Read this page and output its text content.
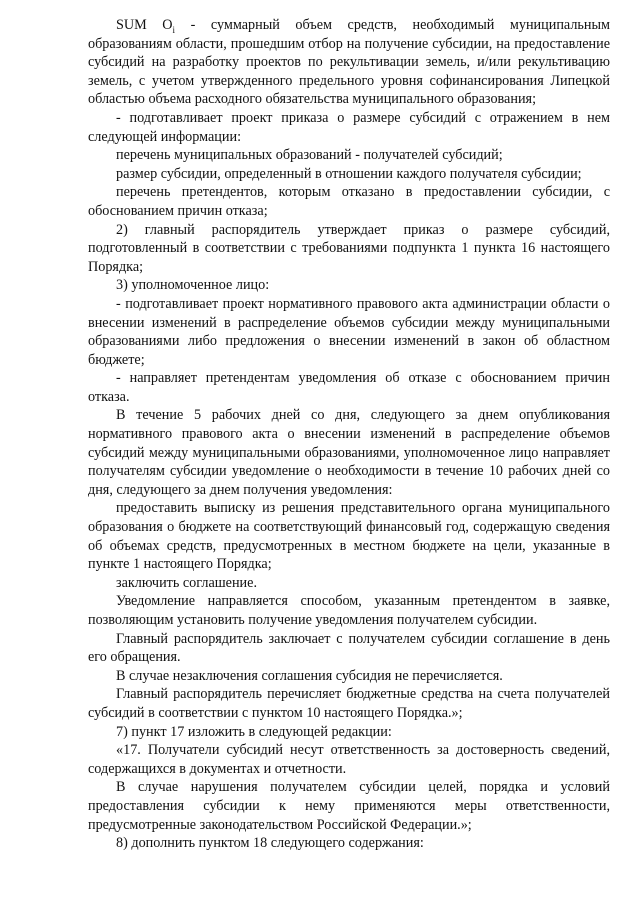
SUM $O_i$ - суммарный объем средств, необходимый муниципальным образованиям области, прошедшим отбор на получение субсидии, на предоставление субсидий на разработку проектов по рекультивации земель, и/или рекультивацию земель, с учетом утвержденного предельного уровня софинансирования Липецкой областью объема расходного обязательства муниципального образования;

- подготавливает проект приказа о размере субсидий с отражением в нем следующей информации:

перечень муниципальных образований - получателей субсидий;

размер субсидии, определенный в отношении каждого получателя субсидии;

перечень претендентов, которым отказано в предоставлении субсидии, с обоснованием причин отказа;

2) главный распорядитель утверждает приказ о размере субсидий, подготовленный в соответствии с требованиями подпункта 1 пункта 16 настоящего Порядка;

3) уполномоченное лицо:

- подготавливает проект нормативного правового акта администрации области о внесении изменений в распределение объемов субсидии между муниципальными образованиями либо предложения о внесении изменений в закон об областном бюджете;

- направляет претендентам уведомления об отказе с обоснованием причин отказа.

В течение 5 рабочих дней со дня, следующего за днем опубликования нормативного правового акта о внесении изменений в распределение объемов субсидий между муниципальными образованиями, уполномоченное лицо направляет получателям субсидии уведомление о необходимости в течение 10 рабочих дней со дня, следующего за днем получения уведомления:

предоставить выписку из решения представительного органа муниципального образования о бюджете на соответствующий финансовый год, содержащую сведения об объемах средств, предусмотренных в местном бюджете на цели, указанные в пункте 1 настоящего Порядка;

заключить соглашение.

Уведомление направляется способом, указанным претендентом в заявке, позволяющим установить получение уведомления получателем субсидии.

Главный распорядитель заключает с получателем субсидии соглашение в день его обращения.

В случае незаключения соглашения субсидия не перечисляется.

Главный распорядитель перечисляет бюджетные средства на счета получателей субсидий в соответствии с пунктом 10 настоящего Порядка.»;

7) пункт 17 изложить в следующей редакции:

«17. Получатели субсидий несут ответственность за достоверность сведений, содержащихся в документах и отчетности.

В случае нарушения получателем субсидии целей, порядка и условий предоставления субсидии к нему применяются меры ответственности, предусмотренные законодательством Российской Федерации.»;

8) дополнить пунктом 18 следующего содержания:
